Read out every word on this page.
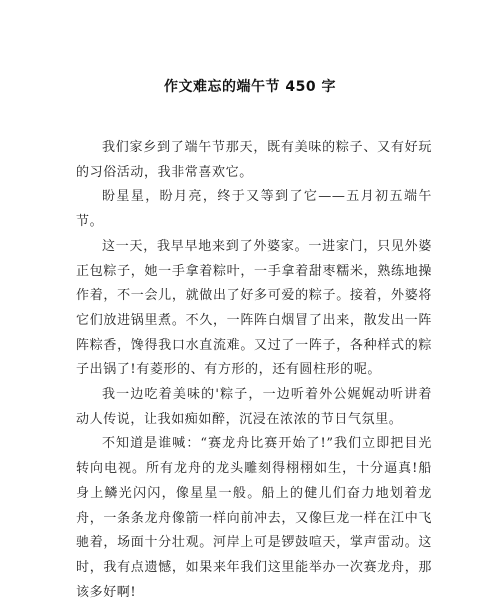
作文难忘的端午节 450 字

我们家乡到了端午节那天，既有美味的粽子、又有好玩的习俗活动，我非常喜欢它。

盼星星，盼月亮，终于又等到了它——五月初五端午节。

这一天，我早早地来到了外婆家。一进家门，只见外婆正包粽子，她一手拿着粽叶，一手拿着甜枣糯米，熟练地操作着，不一会儿，就做出了好多可爱的粽子。接着，外婆将它们放进锅里煮。不久，一阵阵白烟冒了出来，散发出一阵阵粽香，馋得我口水直流难。又过了一阵子，各种样式的粽子出锅了!有菱形的、有方形的，还有圆柱形的呢。

我一边吃着美味的'粽子，一边听着外公娓娓动听讲着动人传说，让我如痴如醉，沉浸在浓浓的节日气氛里。

不知道是谁喊：“赛龙舟比赛开始了!”我们立即把目光转向电视。所有龙舟的龙头雕刻得栩栩如生，十分逼真!船身上鳞光闪闪，像星星一般。船上的健儿们奋力地划着龙舟，一条条龙舟像箭一样向前冲去，又像巨龙一样在江中飞驰着，场面十分壮观。河岸上可是锣鼓喧天，掌声雷动。这时，我有点遗憾，如果来年我们这里能举办一次赛龙舟，那该多好啊!
